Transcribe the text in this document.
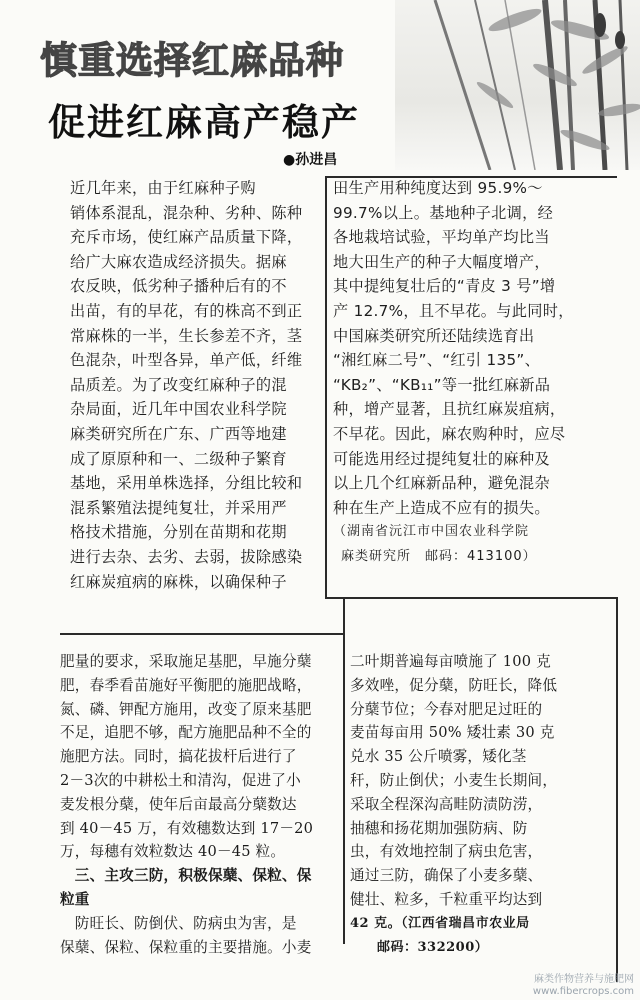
慎重选择红麻品种
促进红麻高产稳产
●孙进昌
近几年来，由于红麻种子购
销体系混乱，混杂种、劣种、陈种
充斥市场，使红麻产品质量下降，
给广大麻农造成经济损失。据麻
农反映，低劣种子播种后有的不
出苗，有的早花，有的株高不到正
常麻株的一半，生长参差不齐，茎
色混杂，叶型各异，单产低，纤维
品质差。为了改变红麻种子的混
杂局面，近几年中国农业科学院
麻类研究所在广东、广西等地建
成了原原种和一、二级种子繁育
基地，采用单株选择，分组比较和
混系繁殖法提纯复壮，并采用严
格技术措施，分别在苗期和花期
进行去杂、去劣、去弱，拔除感染
红麻炭疽病的麻株，以确保种子
田生产用种纯度达到 95.9%～
99.7%以上。基地种子北调，经
各地栽培试验，平均单产均比当
地大田生产的种子大幅度增产，
其中提纯复壮后的“青皮 3 号”增
产 12.7%，且不早花。与此同时，
中国麻类研究所还陆续选育出
“湘红麻二号”、“红引 135”、
“KB₂”、“KB₁₁”等一批红麻新品
种，增产显著，且抗红麻炭疽病，
不早花。因此，麻农购种时，应尽
可能选用经过提纯复壮的麻种及
以上几个红麻新品种，避免混杂
种在生产上造成不应有的损失。
（湖南省沅江市中国农业科学院
麻类研究所　邮码：413100）
肥量的要求，采取施足基肥，早施分蘖
肥，春季看苗施好平衡肥的施肥战略，
氮、磷、钾配方施用，改变了原来基肥
不足，追肥不够，配方施肥品种不全的
施肥方法。同时，搞花拔杆后进行了
2－3次的中耕松土和清沟，促进了小
麦发根分蘖，使年后亩最高分蘖数达
到 40－45 万，有效穗数达到 17－20
万，每穗有效粒数达 40－45 粒。
　三、主攻三防，积极保蘖、保粒、保
粒重
　防旺长、防倒伏、防病虫为害，是
保蘖、保粒、保粒重的主要措施。小麦
二叶期普遍每亩喷施了 100 克
多效唑，促分蘖，防旺长，降低
分蘖节位；今春对肥足过旺的
麦苗每亩用 50% 矮壮素 30 克
兑水 35 公斤喷雾，矮化茎
秆，防止倒伏；小麦生长期间，
采取全程深沟高畦防渍防涝，
抽穗和扬花期加强防病、防
虫，有效地控制了病虫危害，
通过三防，确保了小麦多蘖、
健壮、粒多，千粒重平均达到
42 克。（江西省瑞昌市农业局
　　邮码：332200）
麻类作物营养与施肥网
www.fibercrops.com
